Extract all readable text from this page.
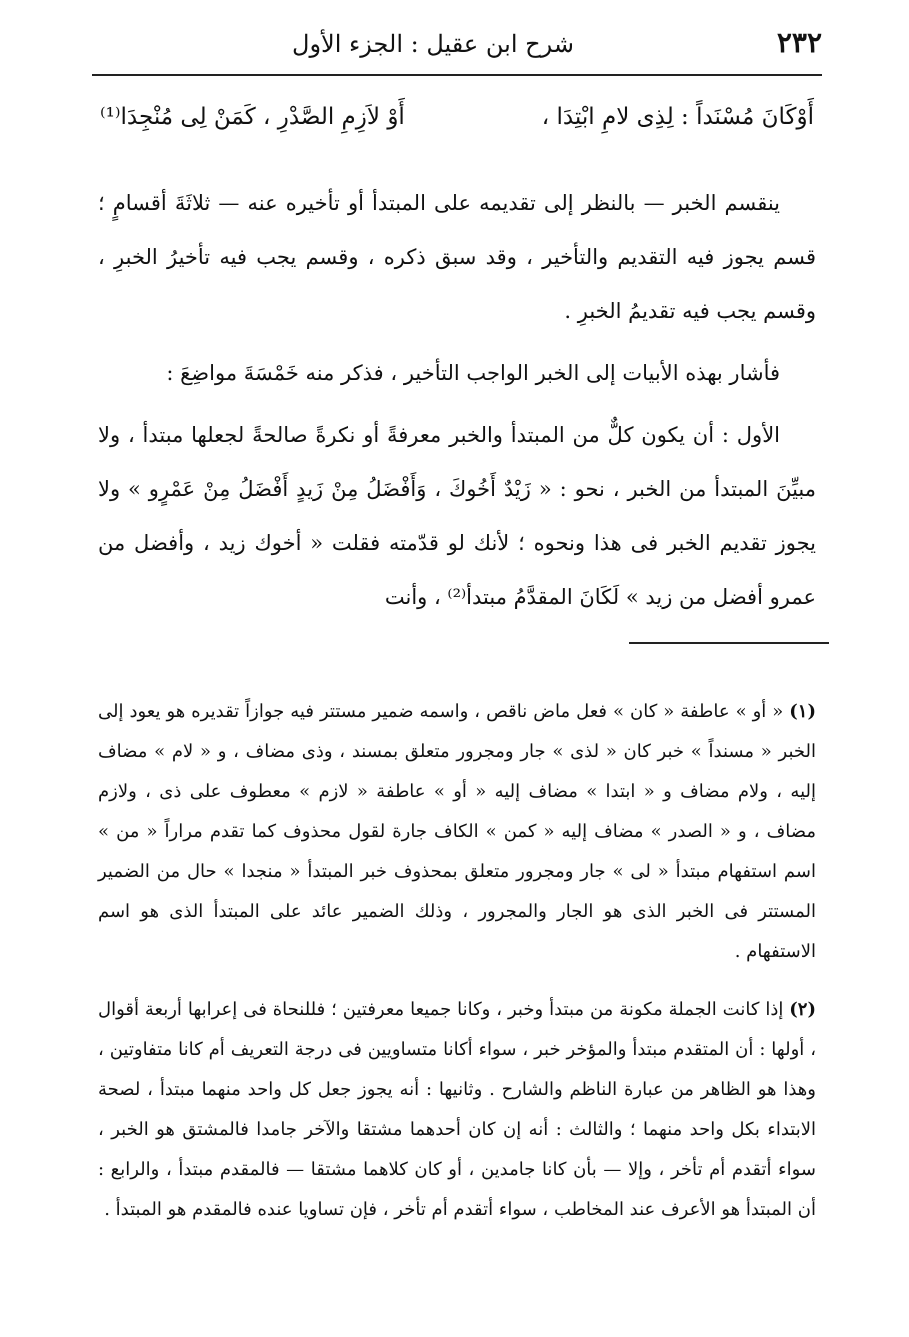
٢٣٢
شرح ابن عقيل : الجزء الأول
أَوْكَانَ مُسْنَداً : لِذِى لامِ ابْتِدَا ،
أَوْ لاَزِمِ الصَّدْرِ ، كَمَنْ لِى مُنْجِدَا⁽¹⁾

ينقسم الخبر — بالنظر إلى تقديمه على المبتدأ أو تأخيره عنه — ثلاثَةَ أقسامٍ ؛ قسم يجوز فيه التقديم والتأخير ، وقد سبق ذكره ، وقسم يجب فيه تأخيرُ الخبرِ ، وقسم يجب فيه تقديمُ الخبرِ .

فأشار بهذه الأبيات إلى الخبر الواجب التأخير ، فذكر منه خَمْسَةَ مواضِعَ :

الأول : أن يكون كلٌّ من المبتدأ والخبر معرفةً أو نكرةً صالحةً لجعلها مبتدأ ، ولا مبيِّنَ المبتدأ من الخبر ، نحو : « زَيْدٌ أَخُوكَ ، وَأَفْضَلُ مِنْ زَيدٍ أَفْضَلُ مِنْ عَمْرٍو » ولا يجوز تقديم الخبر فى هذا ونحوه ؛ لأنك لو قدّمته فقلت « أخوك زيد ، وأفضل من عمرو أفضل من زيد » لَكَانَ المقدَّمُ مبتدأ⁽²⁾ ، وأنت

(١) « أو » عاطفة « كان » فعل ماض ناقص ، واسمه ضمير مستتر فيه جوازاً تقديره هو يعود إلى الخبر « مسنداً » خبر كان « لذى » جار ومجرور متعلق بمسند ، وذى مضاف ، و « لام » مضاف إليه ، ولام مضاف و « ابتدا » مضاف إليه « أو » عاطفة « لازم » معطوف على ذى ، ولازم مضاف ، و « الصدر » مضاف إليه « كمن » الكاف جارة لقول محذوف كما تقدم مراراً « من » اسم استفهام مبتدأ « لى » جار ومجرور متعلق بمحذوف خبر المبتدأ « منجدا » حال من الضمير المستتر فى الخبر الذى هو الجار والمجرور ، وذلك الضمير عائد على المبتدأ الذى هو اسم الاستفهام .

(٢) إذا كانت الجملة مكونة من مبتدأ وخبر ، وكانا جميعا معرفتين ؛ فللنحاة فى إعرابها أربعة أقوال ، أولها : أن المتقدم مبتدأ والمؤخر خبر ، سواء أكانا متساويين فى درجة التعريف أم كانا متفاوتين ، وهذا هو الظاهر من عبارة الناظم والشارح . وثانيها : أنه يجوز جعل كل واحد منهما مبتدأ ، لصحة الابتداء بكل واحد منهما ؛ والثالث : أنه إن كان أحدهما مشتقا والآخر جامدا فالمشتق هو الخبر ، سواء أتقدم أم تأخر ، وإلا — بأن كانا جامدين ، أو كان كلاهما مشتقا — فالمقدم مبتدأ ، والرابع : أن المبتدأ هو الأعرف عند المخاطب ، سواء أتقدم أم تأخر ، فإن تساويا عنده فالمقدم هو المبتدأ .
